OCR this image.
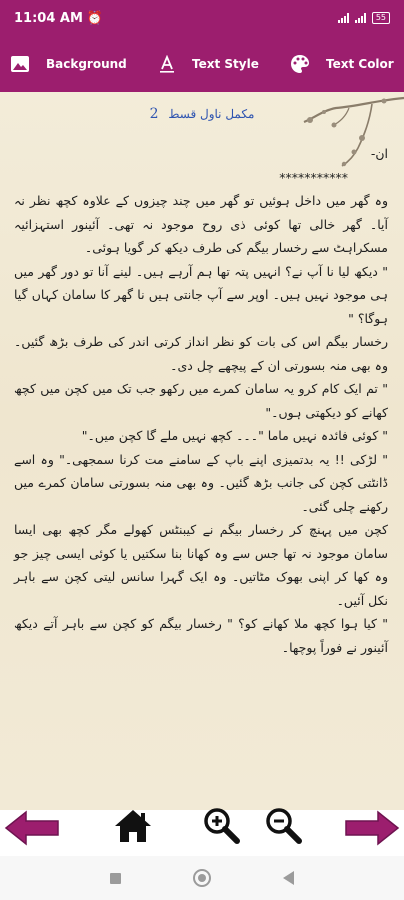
11:04 AM ⏰	55
Background	Text Style	Text Color
2 مکمل ناول قسط

ان-

***********

وہ گھر میں داخل ہوئیں تو گھر میں چند چیزوں کے علاوہ کچھ نظر نہ آیا۔ گھر خالی تھا کوئی ذی روح موجود نہ تھی۔ آئینور استہزائیہ مسکراہٹ سے رخسار بیگم کی طرف دیکھ کر گویا ہوئی۔

" دیکھ لیا نا آپ نے؟ انہیں پتہ تھا ہم آرہے ہیں۔ لینے آنا تو دور گھر میں ہی موجود نہیں ہیں۔ اوپر سے آپ جانتی ہیں نا گھر کا سامان کہاں گیا ہوگا؟ "

رخسار بیگم اس کی بات کو نظر انداز کرتی اندر کی طرف بڑھ گئیں۔ وہ بھی منہ بسورتی ان کے پیچھے چل دی۔

" تم ایک کام کرو یہ سامان کمرے میں رکھو جب تک میں کچن میں کچھ کھانے کو دیکھتی ہوں۔"

" کوئی فائدہ نہیں ماما "۔۔۔ کچھ نہیں ملے گا کچن میں۔"

" لڑکی !! یہ بدتمیزی اپنے باپ کے سامنے مت کرنا سمجھی۔" وہ اسے ڈانٹتی کچن کی جانب بڑھ گئیں۔ وہ بھی منہ بسورتی سامان کمرے میں رکھنے چلی گئی۔

کچن میں پہنچ کر رخسار بیگم نے کیبنٹس کھولے مگر کچھ بھی ایسا سامان موجود نہ تھا جس سے وہ کھانا بنا سکتیں یا کوئی ایسی چیز جو وہ کھا کر اپنی بھوک مٹاتیں۔ وہ ایک گہرا سانس لیتی کچن سے باہر نکل آئیں۔

" کیا ہوا کچھ ملا کھانے کو؟ " رخسار بیگم کو کچن سے باہر آتے دیکھ آئینور نے فوراً پوچھا۔
